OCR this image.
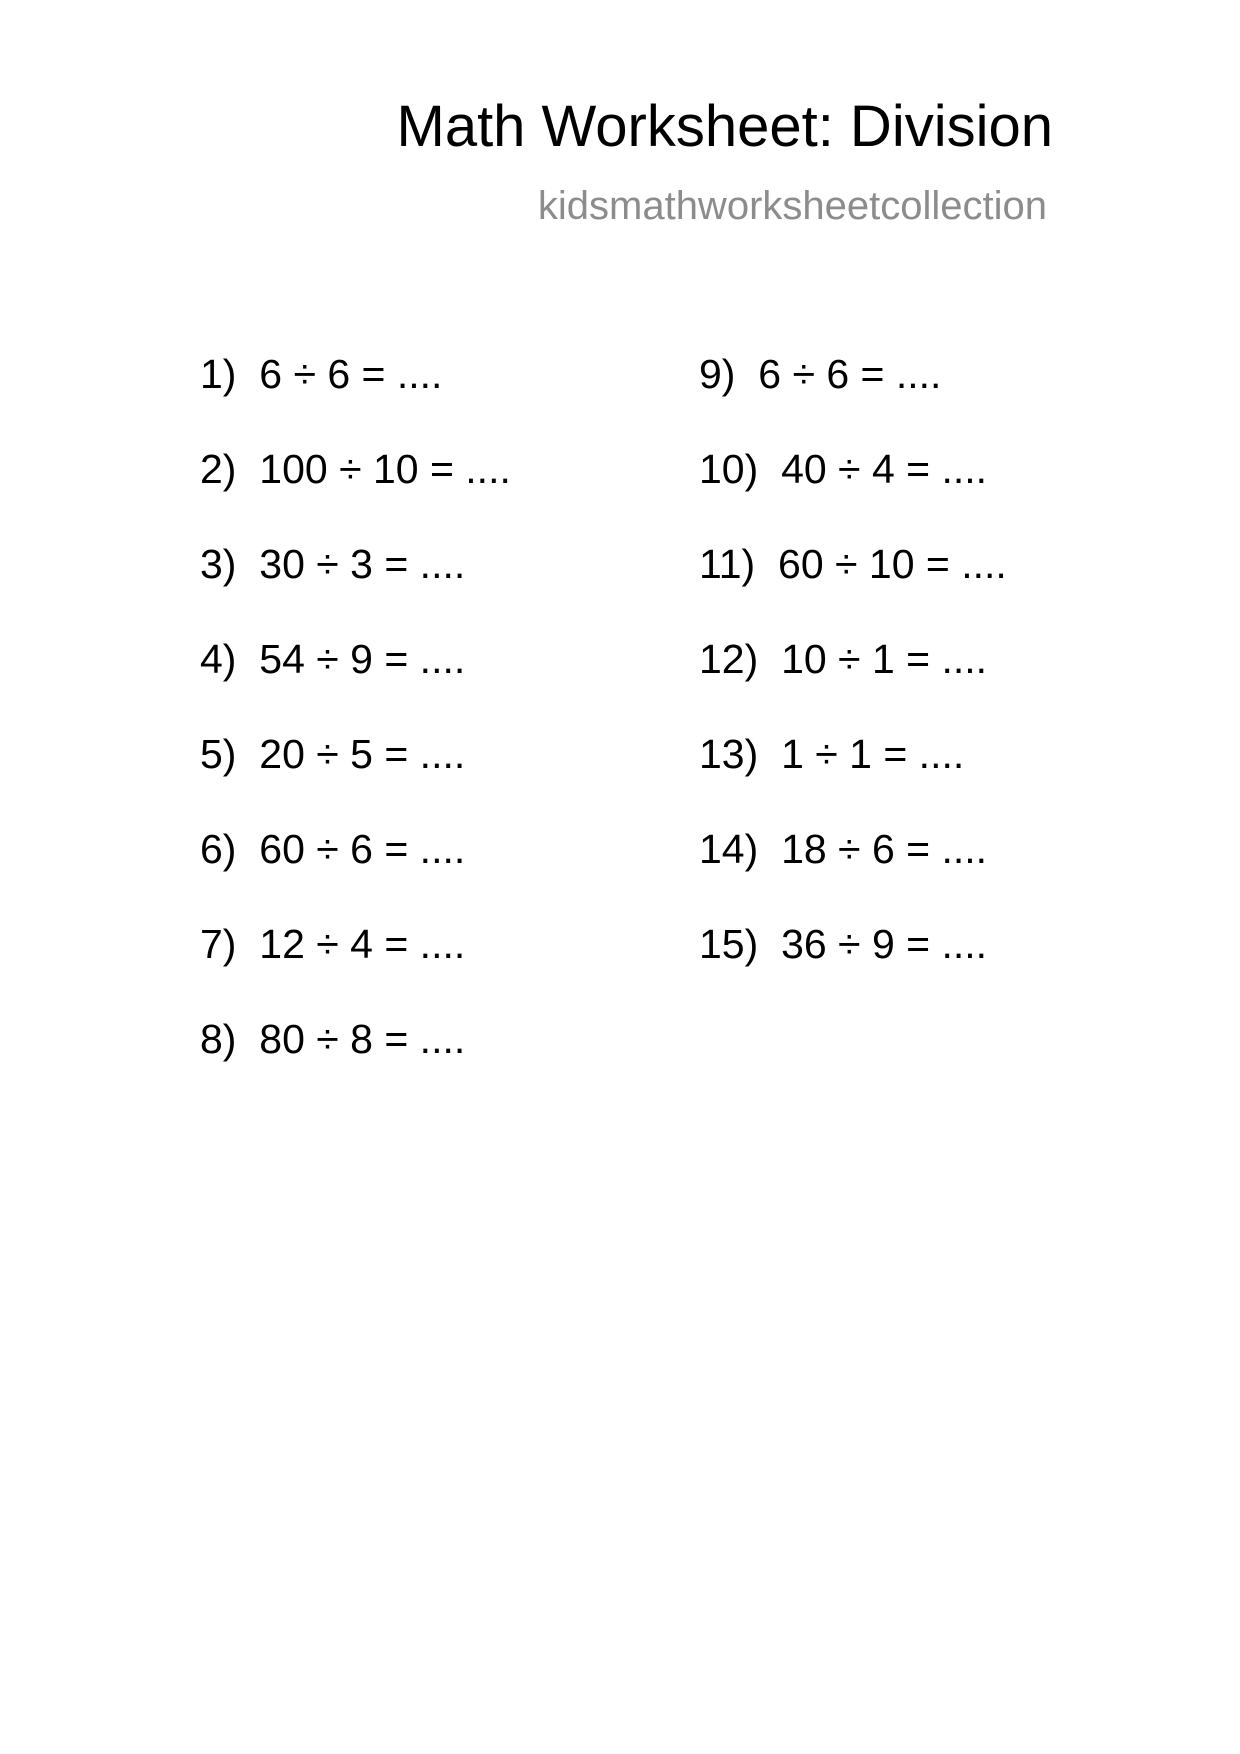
Math Worksheet: Division
kidsmathworksheetcollection
1) 6 ÷ 6 = ....
2) 100 ÷ 10 = ....
3) 30 ÷ 3 = ....
4) 54 ÷ 9 = ....
5) 20 ÷ 5 = ....
6) 60 ÷ 6 = ....
7) 12 ÷ 4 = ....
8) 80 ÷ 8 = ....
9) 6 ÷ 6 = ....
10) 40 ÷ 4 = ....
11) 60 ÷ 10 = ....
12) 10 ÷ 1 = ....
13) 1 ÷ 1 = ....
14) 18 ÷ 6 = ....
15) 36 ÷ 9 = ....
